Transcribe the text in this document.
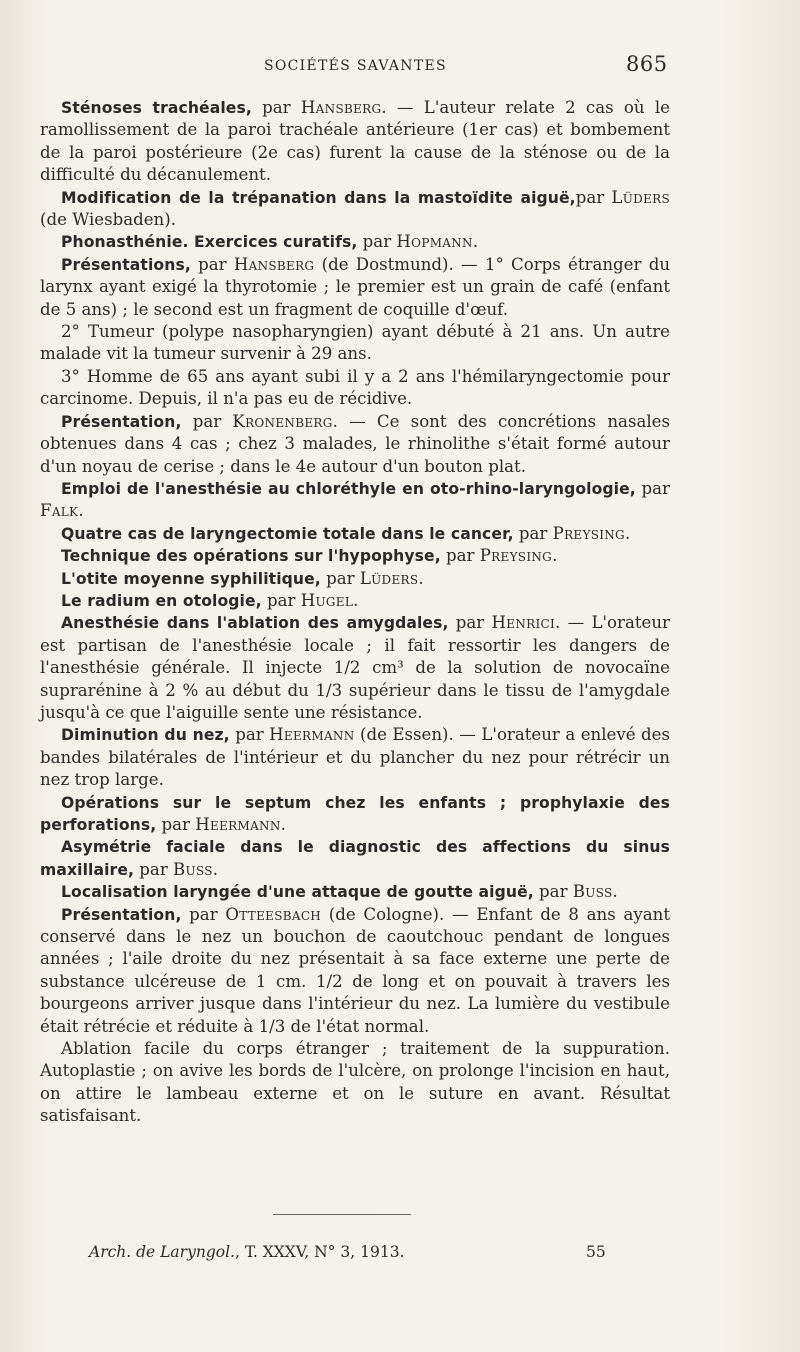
SOCIÉTÉS SAVANTES	865

Sténoses trachéales, par Hansberg. — L'auteur relate 2 cas où le ramollissement de la paroi trachéale antérieure (1er cas) et bombement de la paroi postérieure (2e cas) furent la cause de la sténose ou de la difficulté du décanulement.

Modification de la trépanation dans la mastoïdite aiguë,par Lüders (de Wiesbaden).

Phonasthénie. Exercices curatifs, par Hopmann.

Présentations, par Hansberg (de Dostmund). — 1° Corps étranger du larynx ayant exigé la thyrotomie ; le premier est un grain de café (enfant de 5 ans) ; le second est un fragment de coquille d'œuf.

2° Tumeur (polype nasopharyngien) ayant débuté à 21 ans. Un autre malade vit la tumeur survenir à 29 ans.

3° Homme de 65 ans ayant subi il y a 2 ans l'hémilaryngectomie pour carcinome. Depuis, il n'a pas eu de récidive.

Présentation, par Kronenberg. — Ce sont des concrétions nasales obtenues dans 4 cas ; chez 3 malades, le rhinolithe s'était formé autour d'un noyau de cerise ; dans le 4e autour d'un bouton plat.

Emploi de l'anesthésie au chloréthyle en oto-rhino-laryngologie, par Falk.

Quatre cas de laryngectomie totale dans le cancer, par Preysing.

Technique des opérations sur l'hypophyse, par Preysing.

L'otite moyenne syphilitique, par Lüders.

Le radium en otologie, par Hugel.

Anesthésie dans l'ablation des amygdales, par Henrici. — L'orateur est partisan de l'anesthésie locale ; il fait ressortir les dangers de l'anesthésie générale. Il injecte 1/2 cm³ de la solution de novocaïne suprarénine à 2 % au début du 1/3 supérieur dans le tissu de l'amygdale jusqu'à ce que l'aiguille sente une résistance.

Diminution du nez, par Heermann (de Essen). — L'orateur a enlevé des bandes bilatérales de l'intérieur et du plancher du nez pour rétrécir un nez trop large.

Opérations sur le septum chez les enfants ; prophylaxie des perforations, par Heermann.

Asymétrie faciale dans le diagnostic des affections du sinus maxillaire, par Buss.

Localisation laryngée d'une attaque de goutte aiguë, par Buss.

Présentation, par Otteesbach (de Cologne). — Enfant de 8 ans ayant conservé dans le nez un bouchon de caoutchouc pendant de longues années ; l'aile droite du nez présentait à sa face externe une perte de substance ulcéreuse de 1 cm. 1/2 de long et on pouvait à travers les bourgeons arriver jusque dans l'intérieur du nez. La lumière du vestibule était rétrécie et réduite à 1/3 de l'état normal.

Ablation facile du corps étranger ; traitement de la suppuration. Autoplastie ; on avive les bords de l'ulcère, on prolonge l'incision en haut, on attire le lambeau externe et on le suture en avant. Résultat satisfaisant.

Arch. de Laryngol., T. XXXV, N° 3, 1913.	55
